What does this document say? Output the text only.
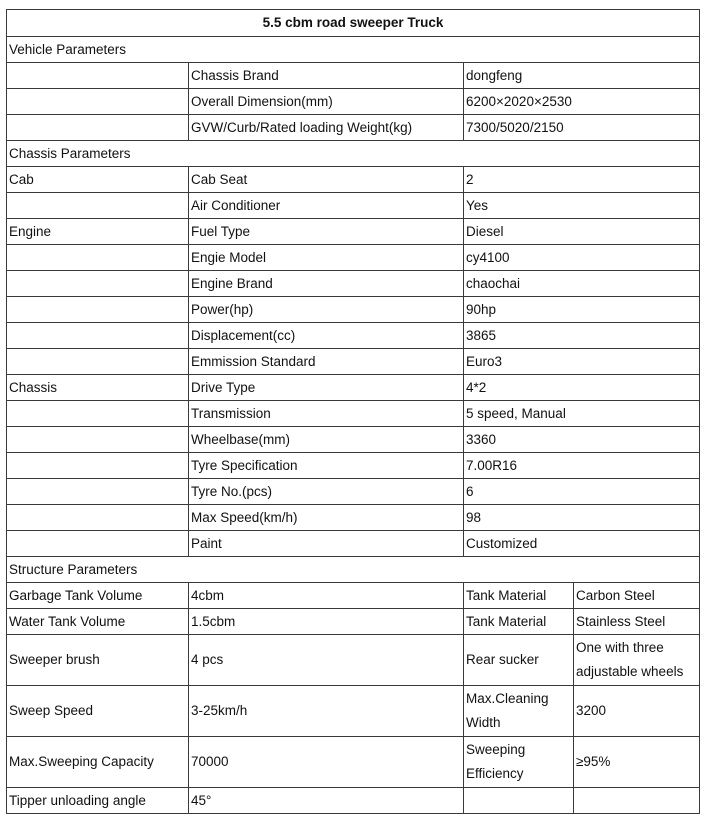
5.5 cbm road sweeper Truck			
Vehicle Parameters			
	Chassis Brand	dongfeng	
	Overall Dimension(mm)	6200×2020×2530	
	GVW/Curb/Rated loading Weight(kg)	7300/5020/2150	
Chassis Parameters			
Cab	Cab Seat	2	
	Air Conditioner	Yes	
Engine	Fuel Type	Diesel	
	Engie Model	cy4100	
	Engine Brand	chaochai	
	Power(hp)	90hp	
	Displacement(cc)	3865	
	Emmission Standard	Euro3	
Chassis	Drive Type	4*2	
	Transmission	5 speed, Manual	
	Wheelbase(mm)	3360	
	Tyre Specification	7.00R16	
	Tyre No.(pcs)	6	
	Max Speed(km/h)	98	
	Paint	Customized	
Structure Parameters			
Garbage Tank Volume	4cbm	Tank Material	Carbon Steel
Water Tank Volume	1.5cbm	Tank Material	Stainless Steel
Sweeper brush	4 pcs	Rear sucker	One with three adjustable wheels
Sweep Speed	3-25km/h	Max.Cleaning Width	3200
Max.Sweeping Capacity	70000	Sweeping Efficiency	≥95%
Tipper unloading angle	45°		
